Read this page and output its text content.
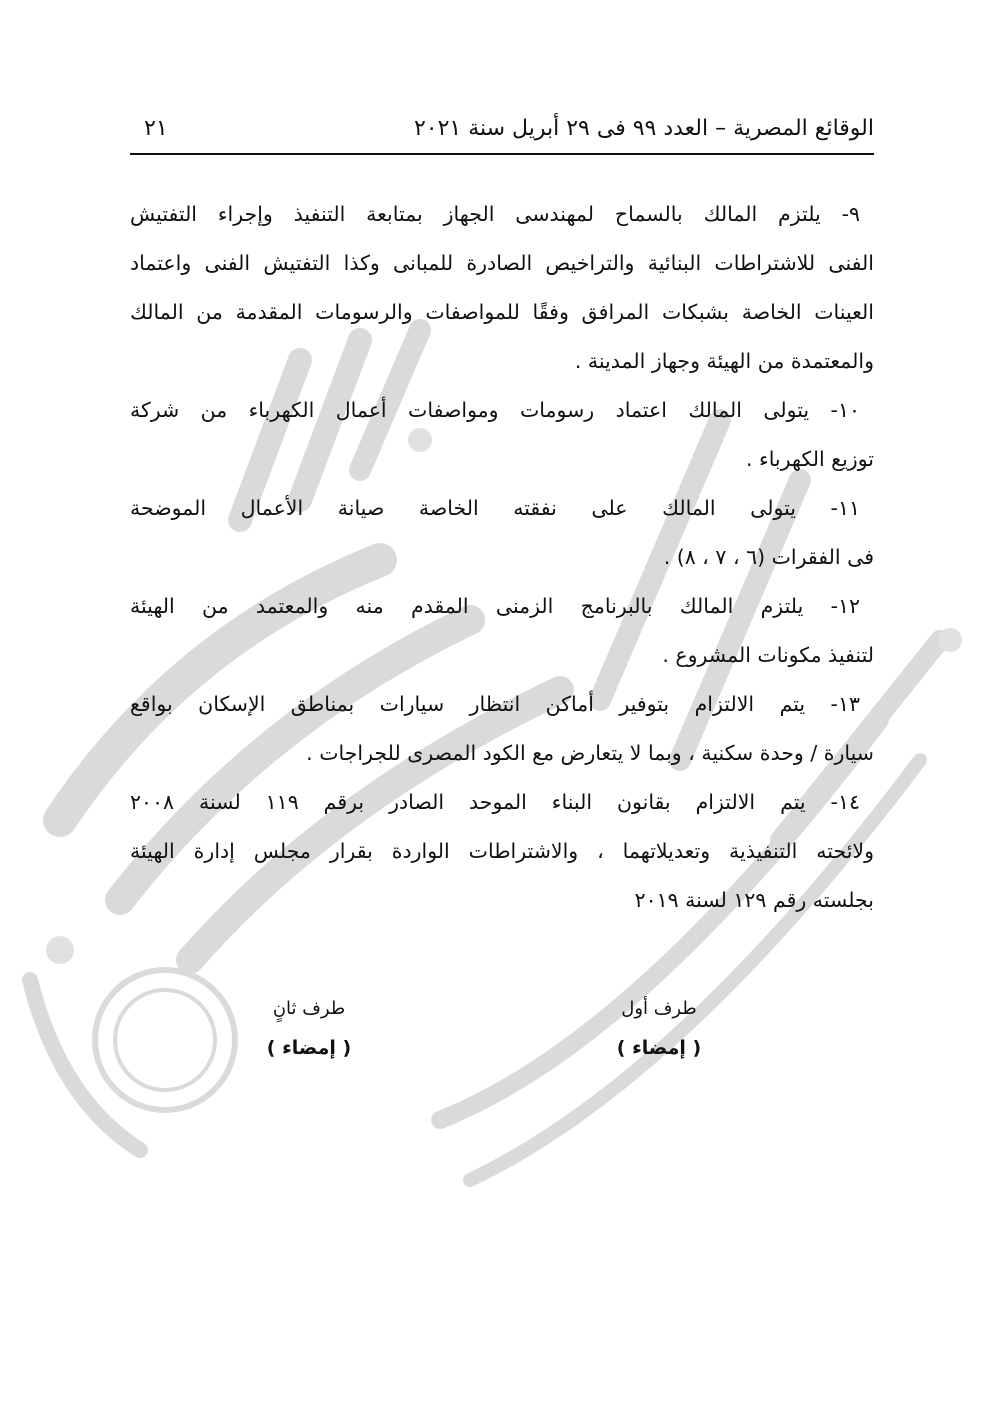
الوقائع المصرية – العدد ٩٩ فى ٢٩ أبريل سنة ٢٠٢١
٢١
٩- يلتزم المالك بالسماح لمهندسى الجهاز بمتابعة التنفيذ وإجراء التفتيش
الفنى للاشتراطات البنائية والتراخيص الصادرة للمبانى وكذا التفتيش الفنى واعتماد
العينات الخاصة بشبكات المرافق وفقًا للمواصفات والرسومات المقدمة من المالك
والمعتمدة من الهيئة وجهاز المدينة .
١٠- يتولى المالك اعتماد رسومات ومواصفات أعمال الكهرباء من شركة
توزيع الكهرباء .
١١- يتولى المالك على نفقته الخاصة صيانة الأعمال الموضحة
فى الفقرات (٦ ، ٧ ، ٨) .
١٢- يلتزم المالك بالبرنامج الزمنى المقدم منه والمعتمد من الهيئة
لتنفيذ مكونات المشروع .
١٣- يتم الالتزام بتوفير أماكن انتظار سيارات بمناطق الإسكان بواقع
سيارة / وحدة سكنية ، وبما لا يتعارض مع الكود المصرى للجراجات .
١٤- يتم الالتزام بقانون البناء الموحد الصادر برقم ١١٩ لسنة ٢٠٠٨
ولائحته التنفيذية وتعديلاتهما ، والاشتراطات الواردة بقرار مجلس إدارة الهيئة
بجلسته رقم ١٢٩ لسنة ٢٠١٩
طرف أول
( إمضاء )
طرف ثانٍ
( إمضاء )
